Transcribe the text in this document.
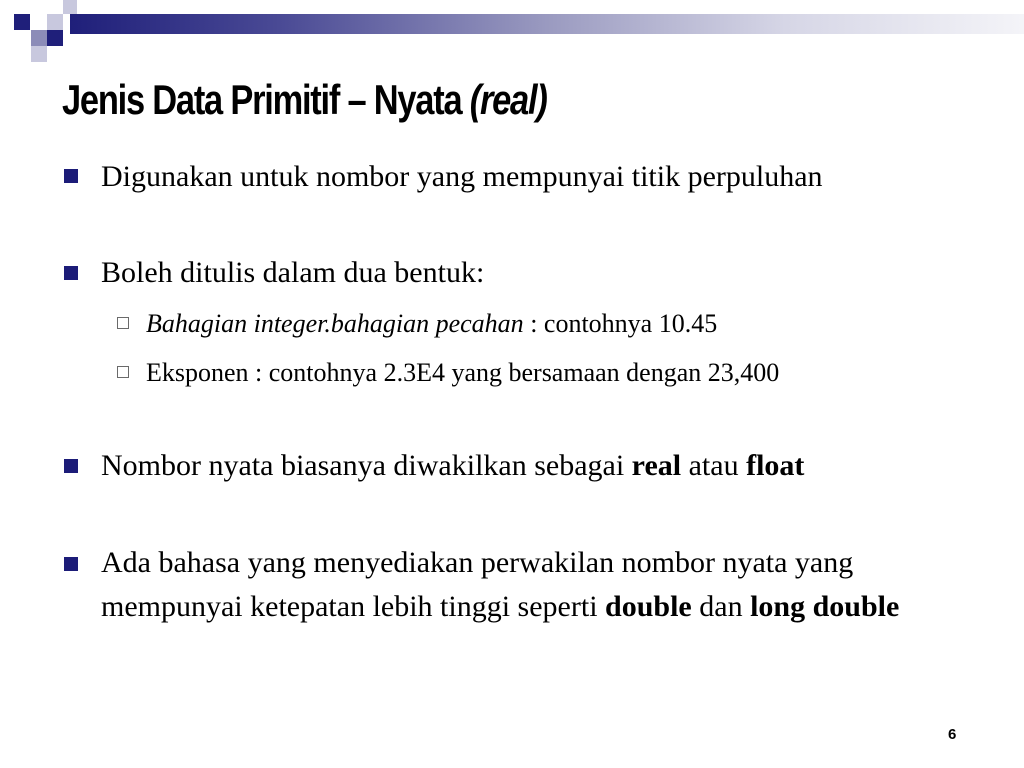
Jenis Data Primitif – Nyata (real)
Digunakan untuk nombor yang mempunyai titik perpuluhan
Boleh ditulis dalam dua bentuk:
Bahagian integer.bahagian pecahan : contohnya 10.45
Eksponen : contohnya 2.3E4 yang bersamaan dengan 23,400
Nombor nyata biasanya diwakilkan sebagai real atau float
Ada bahasa yang menyediakan perwakilan nombor nyata yang mempunyai ketepatan lebih tinggi seperti double dan long double
6
